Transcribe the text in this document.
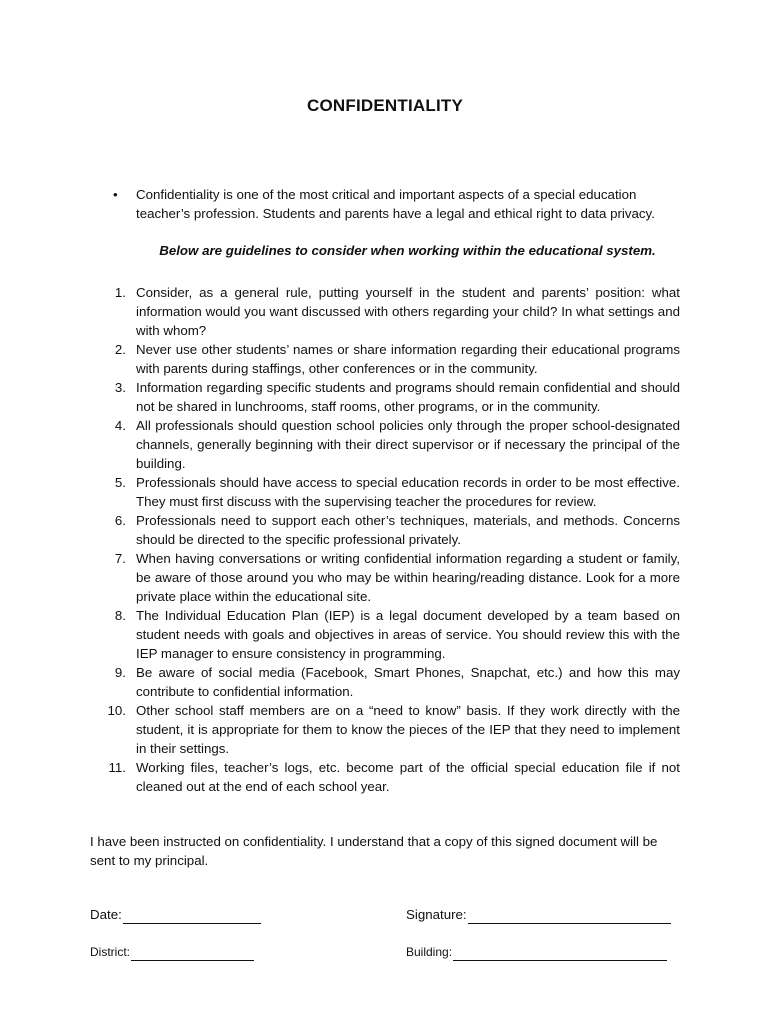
CONFIDENTIALITY
• Confidentiality is one of the most critical and important aspects of a special education teacher’s profession. Students and parents have a legal and ethical right to data privacy.
Below are guidelines to consider when working within the educational system.
1. Consider, as a general rule, putting yourself in the student and parents’ position: what information would you want discussed with others regarding your child? In what settings and with whom?
2. Never use other students’ names or share information regarding their educational programs with parents during staffings, other conferences or in the community.
3. Information regarding specific students and programs should remain confidential and should not be shared in lunchrooms, staff rooms, other programs, or in the community.
4. All professionals should question school policies only through the proper school-designated channels, generally beginning with their direct supervisor or if necessary the principal of the building.
5. Professionals should have access to special education records in order to be most effective. They must first discuss with the supervising teacher the procedures for review.
6. Professionals need to support each other’s techniques, materials, and methods. Concerns should be directed to the specific professional privately.
7. When having conversations or writing confidential information regarding a student or family, be aware of those around you who may be within hearing/reading distance. Look for a more private place within the educational site.
8. The Individual Education Plan (IEP) is a legal document developed by a team based on student needs with goals and objectives in areas of service. You should review this with the IEP manager to ensure consistency in programming.
9. Be aware of social media (Facebook, Smart Phones, Snapchat, etc.) and how this may contribute to confidential information.
10. Other school staff members are on a “need to know” basis. If they work directly with the student, it is appropriate for them to know the pieces of the IEP that they need to implement in their settings.
11. Working files, teacher’s logs, etc. become part of the official special education file if not cleaned out at the end of each school year.
I have been instructed on confidentiality. I understand that a copy of this signed document will be sent to my principal.
Date:	Signature:
District:	Building:
